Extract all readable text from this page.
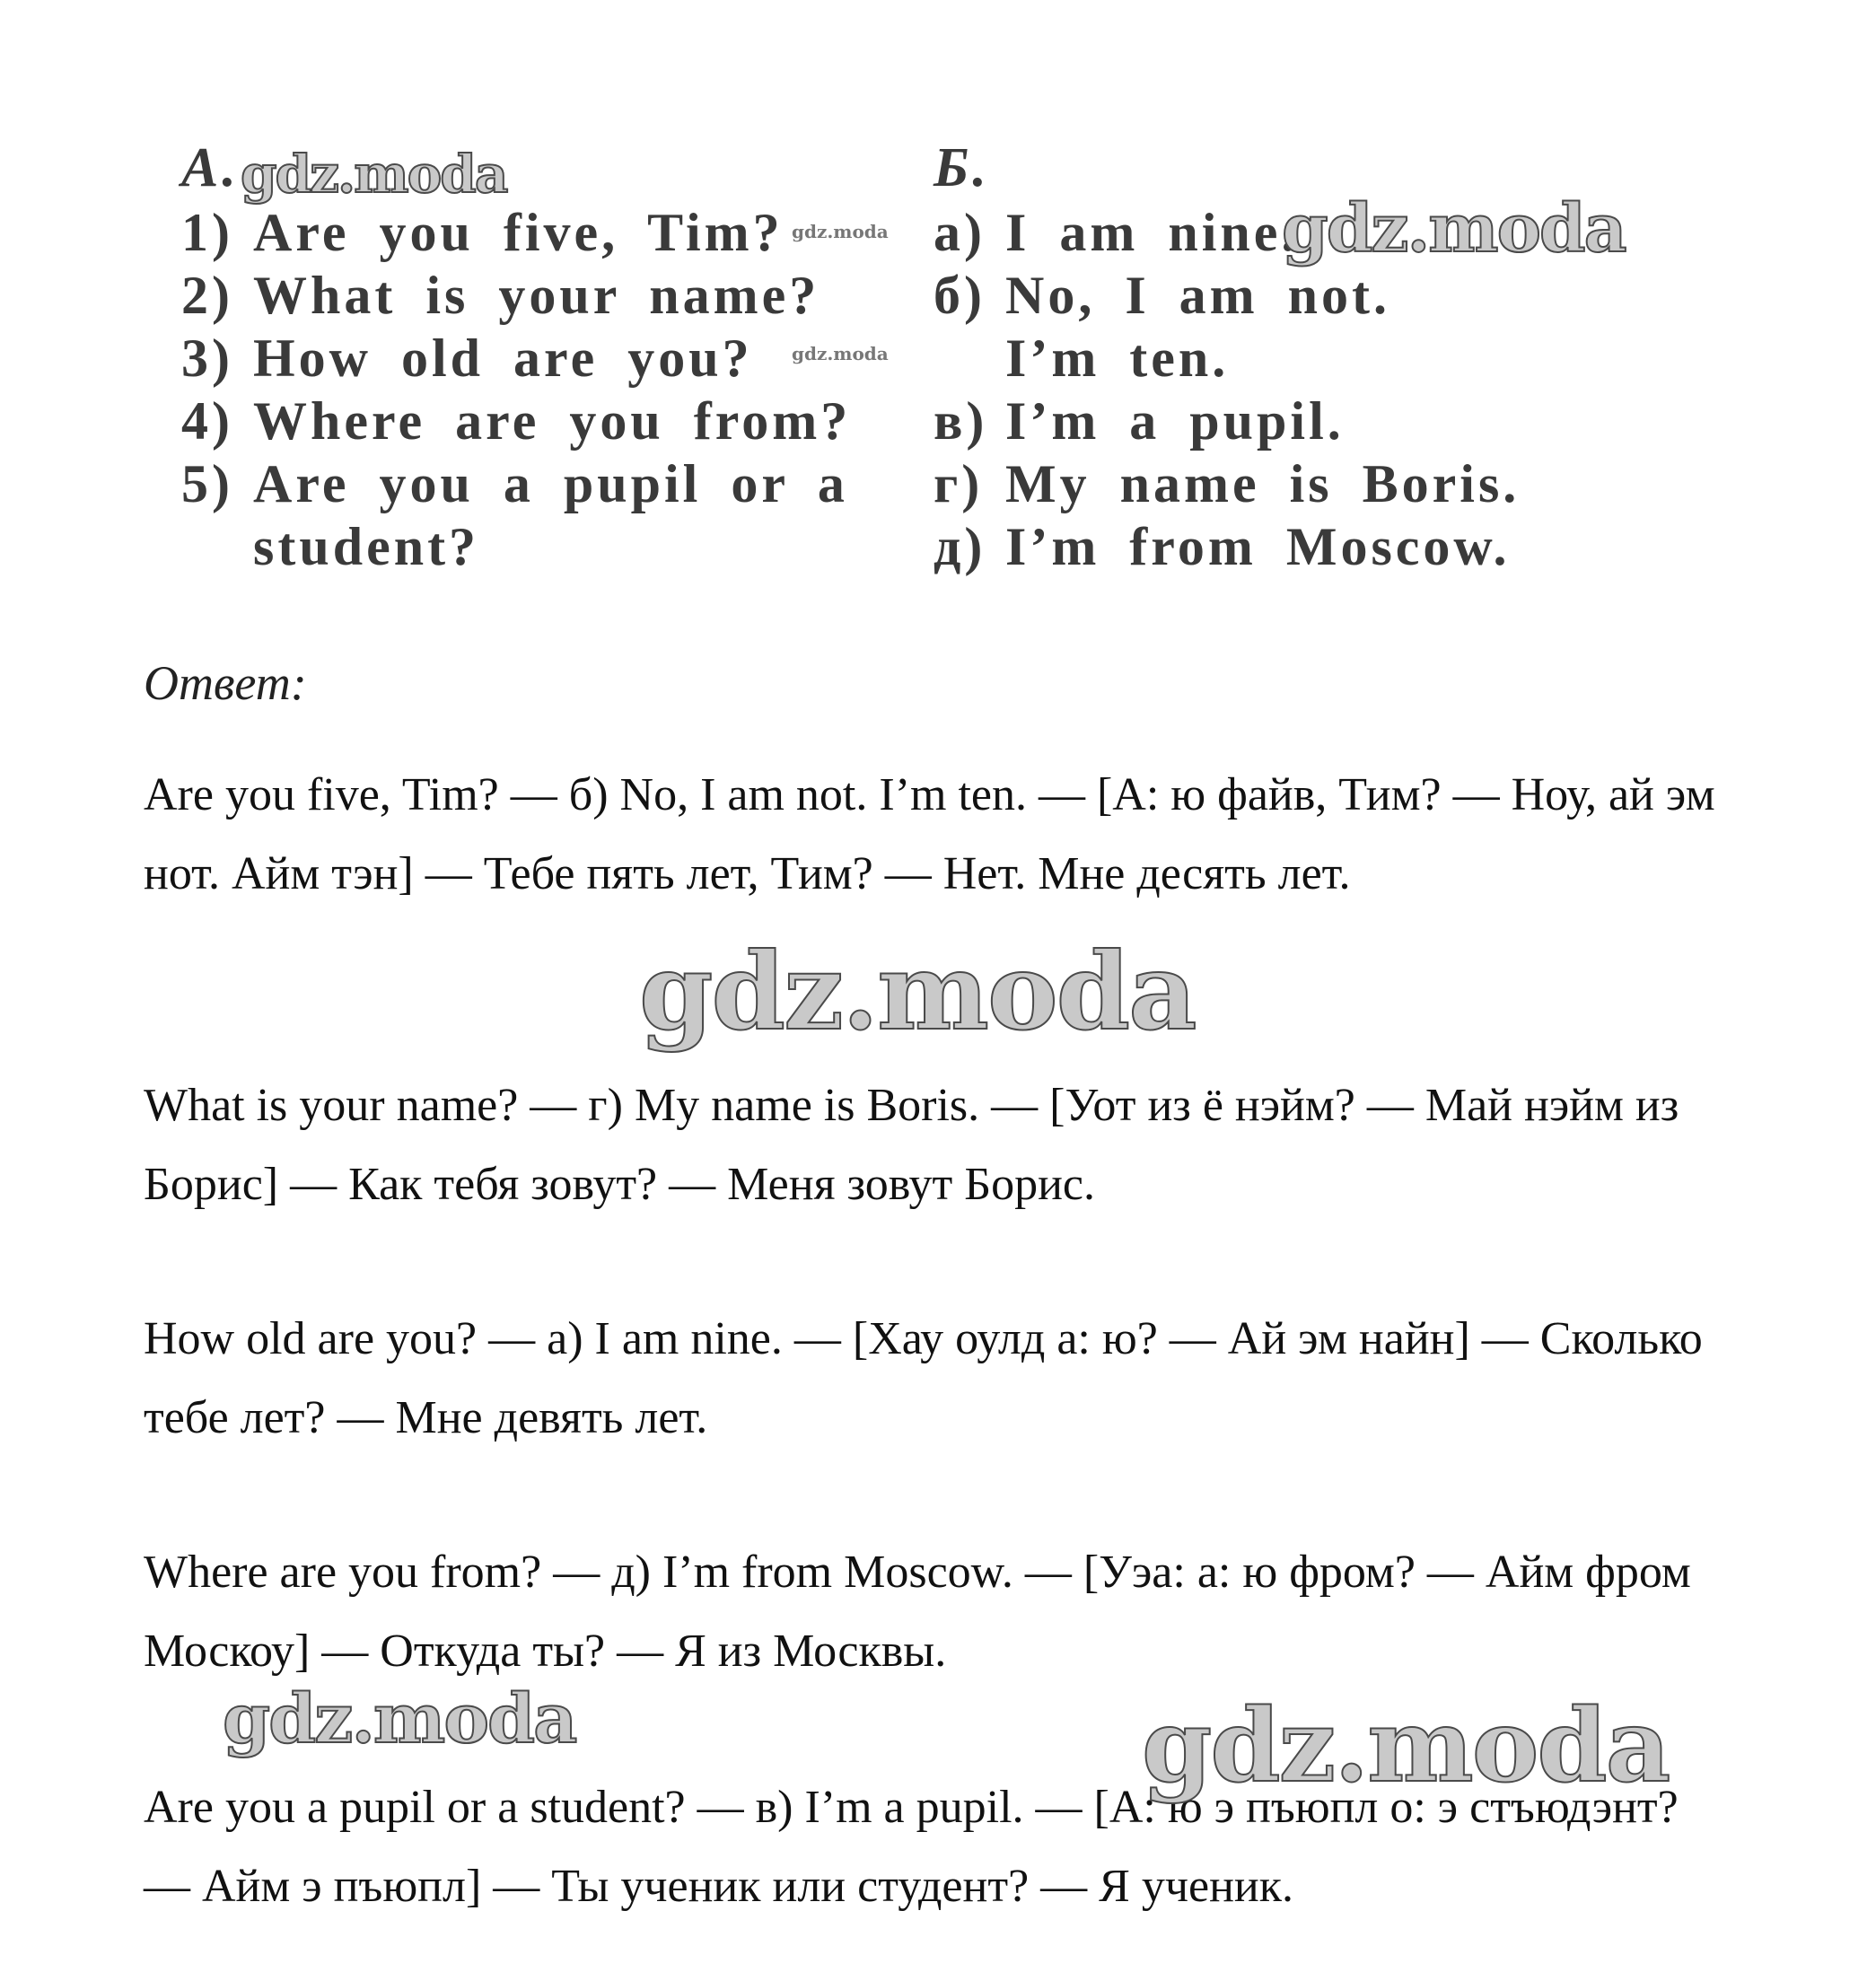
А.
1) Are you five, Tim?
2) What is your name?
3) How old are you?
4) Where are you from?
5) Are you a pupil or a
student?
Б.
а) I am nine.
б) No, I am not.
I’m ten.
в) I’m a pupil.
г) My name is Boris.
д) I’m from Moscow.
Ответ:
Are you five, Tim? — б) No, I am not. I’m ten. — [А: ю файв, Тим? — Ноу, ай эм нот. Айм тэн] — Тебе пять лет, Тим? — Нет. Мне десять лет.
What is your name? — г) My name is Boris. — [Уот из ё нэйм? — Май нэйм из Борис] — Как тебя зовут? — Меня зовут Борис.
How old are you? — а) I am nine. — [Хау оулд а: ю? — Ай эм найн] — Сколько тебе лет? — Мне девять лет.
Where are you from? — д) I’m from Moscow. — [Уэа: а: ю фром? — Айм фром Москоу] — Откуда ты? — Я из Москвы.
Are you a pupil or a student? — в) I’m a pupil. — [А: ю э пъюпл о: э стъюдэнт? — Айм э пъюпл] — Ты ученик или студент? — Я ученик.
gdz.moda
gdz.moda
gdz.moda
gdz.moda
gdz.moda
gdz.moda	gdz.moda
